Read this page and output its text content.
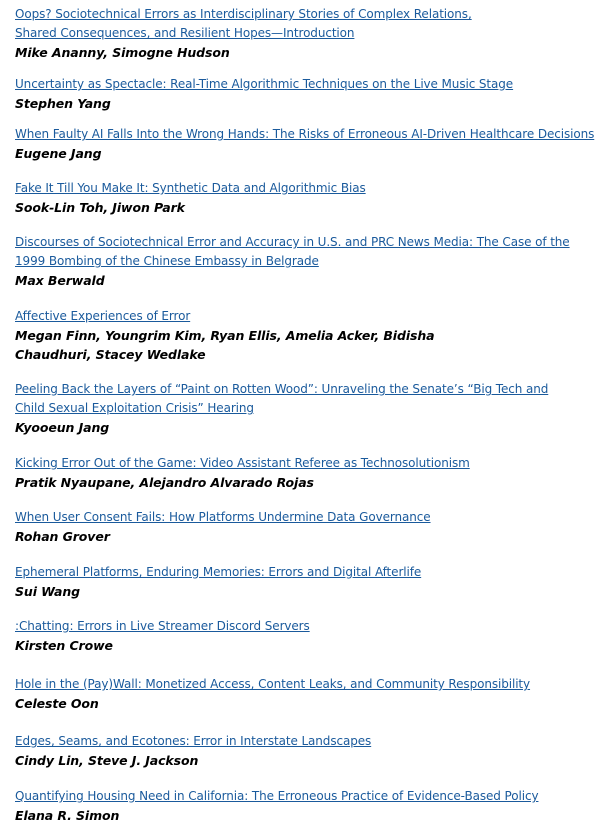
Oops? Sociotechnical Errors as Interdisciplinary Stories of Complex Relations, Shared Consequences, and Resilient Hopes—Introduction
Mike Ananny, Simogne Hudson
Uncertainty as Spectacle: Real-Time Algorithmic Techniques on the Live Music Stage
Stephen Yang
When Faulty AI Falls Into the Wrong Hands: The Risks of Erroneous AI-Driven Healthcare Decisions
Eugene Jang
Fake It Till You Make It: Synthetic Data and Algorithmic Bias
Sook-Lin Toh, Jiwon Park
Discourses of Sociotechnical Error and Accuracy in U.S. and PRC News Media: The Case of the 1999 Bombing of the Chinese Embassy in Belgrade
Max Berwald
Affective Experiences of Error
Megan Finn, Youngrim Kim, Ryan Ellis, Amelia Acker, Bidisha Chaudhuri, Stacey Wedlake
Peeling Back the Layers of “Paint on Rotten Wood”: Unraveling the Senate’s “Big Tech and Child Sexual Exploitation Crisis” Hearing
Kyooeun Jang
Kicking Error Out of the Game: Video Assistant Referee as Technosolutionism
Pratik Nyaupane, Alejandro Alvarado Rojas
When User Consent Fails: How Platforms Undermine Data Governance
Rohan Grover
Ephemeral Platforms, Enduring Memories: Errors and Digital Afterlife
Sui Wang
:Chatting: Errors in Live Streamer Discord Servers
Kirsten Crowe
Hole in the (Pay)Wall: Monetized Access, Content Leaks, and Community Responsibility
Celeste Oon
Edges, Seams, and Ecotones: Error in Interstate Landscapes
Cindy Lin, Steve J. Jackson
Quantifying Housing Need in California: The Erroneous Practice of Evidence-Based Policy
Elana R. Simon
